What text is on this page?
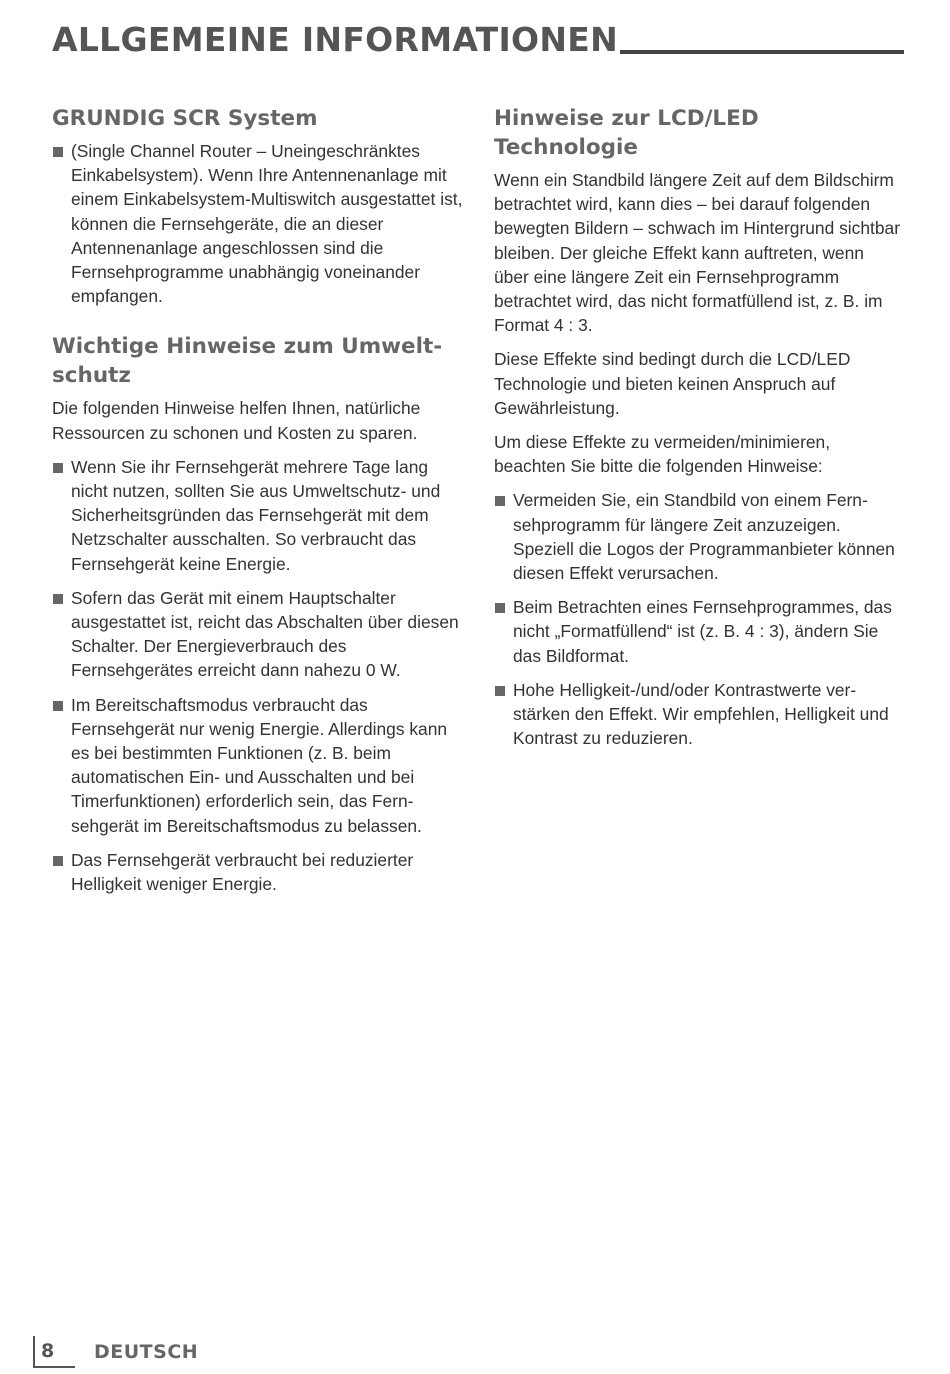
ALLGEMEINE INFORMATIONEN
GRUNDIG SCR System
(Single Channel Router – Uneingeschränktes Einkabelsystem). Wenn Ihre Antennenanlage mit einem Einkabelsystem-Multiswitch ausgestattet ist, können die Fernsehgeräte, die an dieser Antennenanlage angeschlossen sind die Fernsehprogramme unabhängig voneinander empfangen.
Wichtige Hinweise zum Umweltschutz

Die folgenden Hinweise helfen Ihnen, natürliche Ressourcen zu schonen und Kosten zu sparen.

Wenn Sie ihr Fernsehgerät mehrere Tage lang nicht nutzen, sollten Sie aus Umweltschutz- und Sicherheitsgründen das Fernsehgerät mit dem Netzschalter ausschalten. So verbraucht das Fernsehgerät keine Energie.
Sofern das Gerät mit einem Hauptschalter ausgestattet ist, reicht das Abschalten über diesen Schalter. Der Energieverbrauch des Fernsehgerätes erreicht dann nahezu 0 W.
Im Bereitschaftsmodus verbraucht das Fernsehgerät nur wenig Energie. Allerdings kann es bei bestimmten Funktionen (z. B. beim automatischen Ein- und Ausschalten und bei Timerfunktionen) erforderlich sein, das Fernsehgerät im Bereitschaftsmodus zu belassen.
Das Fernsehgerät verbraucht bei reduzierter Helligkeit weniger Energie.
Hinweise zur LCD/LED Technologie

Wenn ein Standbild längere Zeit auf dem Bildschirm betrachtet wird, kann dies – bei darauf folgenden bewegten Bildern – schwach im Hintergrund sichtbar bleiben. Der gleiche Effekt kann auftreten, wenn über eine längere Zeit ein Fernsehprogramm betrachtet wird, das nicht formatfüllend ist, z. B. im Format 4 : 3.

Diese Effekte sind bedingt durch die LCD/LED Technologie und bieten keinen Anspruch auf Gewährleistung.

Um diese Effekte zu vermeiden/minimieren, beachten Sie bitte die folgenden Hinweise:

Vermeiden Sie, ein Standbild von einem Fernsehprogramm für längere Zeit anzuzeigen. Speziell die Logos der Programmanbieter können diesen Effekt verursachen.
Beim Betrachten eines Fernsehprogrammes, das nicht „Formatfüllend“ ist (z. B. 4 : 3), ändern Sie das Bildformat.
Hohe Helligkeit-/und/oder Kontrastwerte verstärken den Effekt. Wir empfehlen, Helligkeit und Kontrast zu reduzieren.
8 DEUTSCH
